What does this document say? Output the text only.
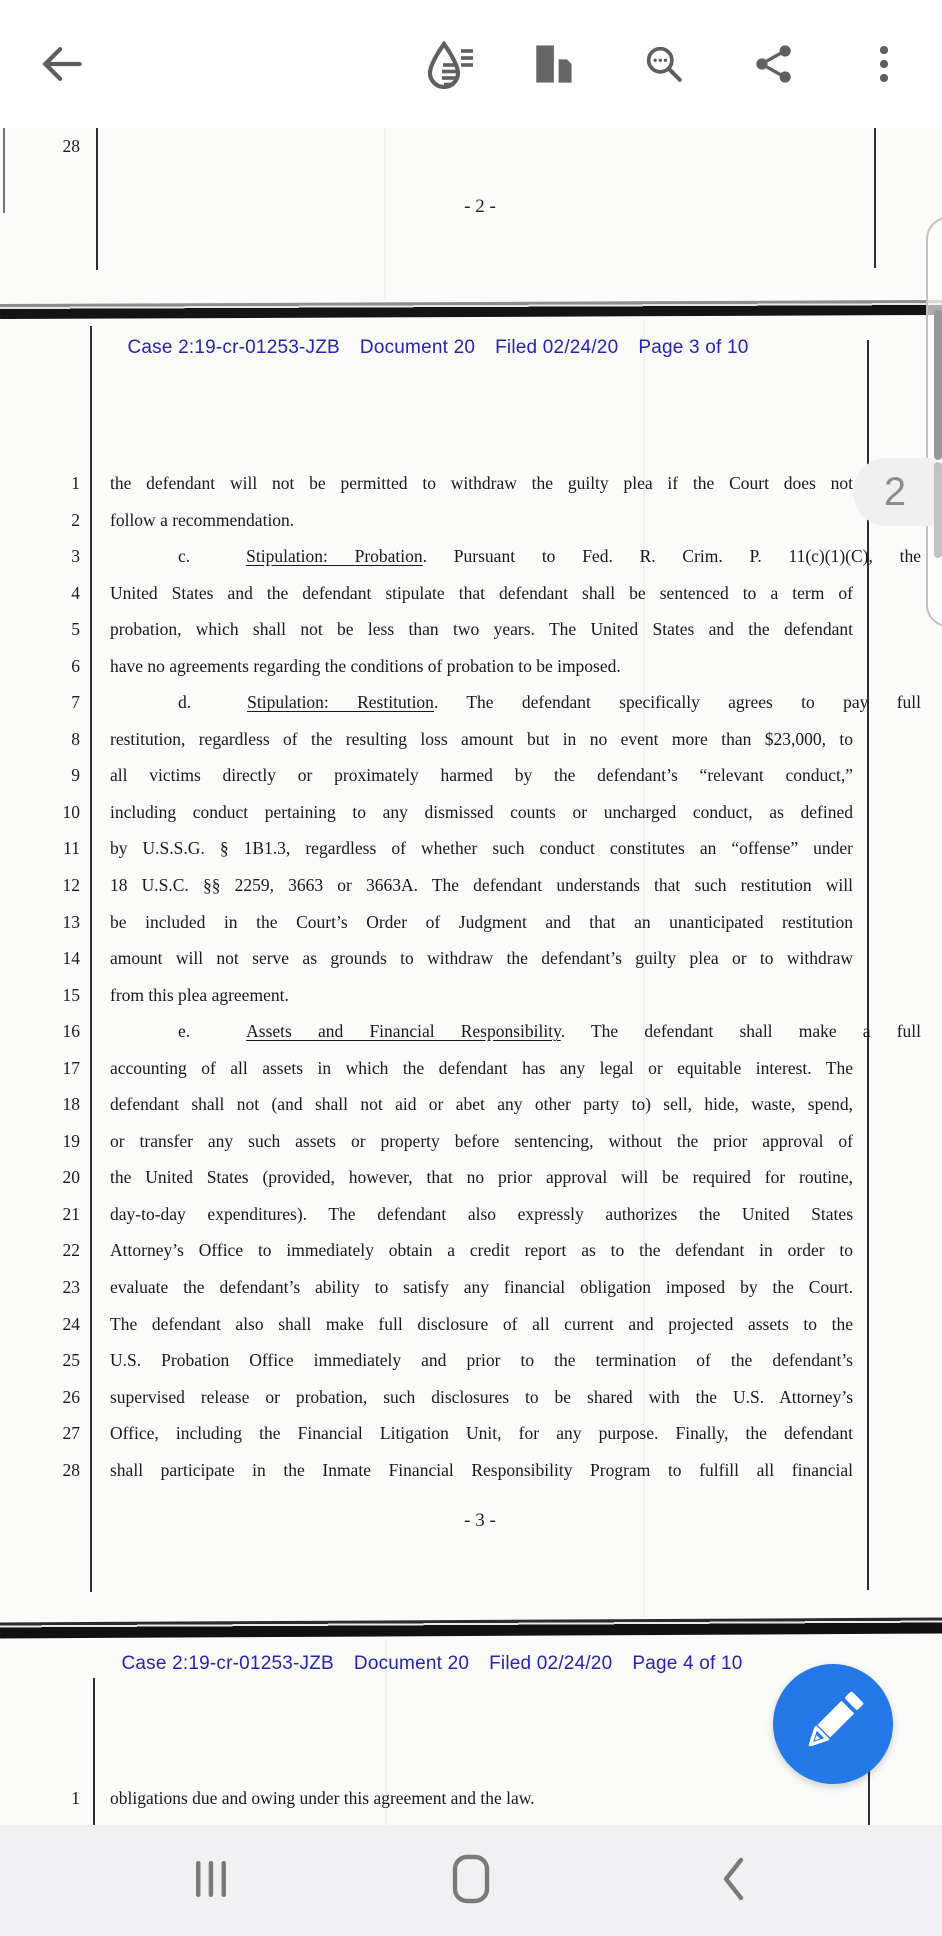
28
- 2 -
Case 2:19-cr-01253-JZB Document 20 Filed 02/24/20 Page 3 of 10
1 the defendant will not be permitted to withdraw the guilty plea if the Court does not
2 follow a recommendation.
3	c.	Stipulation: Probation. Pursuant to Fed. R. Crim. P. 11(c)(1)(C), the
4 United States and the defendant stipulate that defendant shall be sentenced to a term of
5 probation, which shall not be less than two years. The United States and the defendant
6 have no agreements regarding the conditions of probation to be imposed.
7	d.	Stipulation: Restitution. The defendant specifically agrees to pay full
8 restitution, regardless of the resulting loss amount but in no event more than $23,000, to
9 all victims directly or proximately harmed by the defendant’s “relevant conduct,”
10 including conduct pertaining to any dismissed counts or uncharged conduct, as defined
11 by U.S.S.G. § 1B1.3, regardless of whether such conduct constitutes an “offense” under
12 18 U.S.C. §§ 2259, 3663 or 3663A. The defendant understands that such restitution will
13 be included in the Court’s Order of Judgment and that an unanticipated restitution
14 amount will not serve as grounds to withdraw the defendant’s guilty plea or to withdraw
15 from this plea agreement.
16	e.	Assets and Financial Responsibility. The defendant shall make a full
17 accounting of all assets in which the defendant has any legal or equitable interest. The
18 defendant shall not (and shall not aid or abet any other party to) sell, hide, waste, spend,
19 or transfer any such assets or property before sentencing, without the prior approval of
20 the United States (provided, however, that no prior approval will be required for routine,
21 day-to-day expenditures). The defendant also expressly authorizes the United States
22 Attorney’s Office to immediately obtain a credit report as to the defendant in order to
23 evaluate the defendant’s ability to satisfy any financial obligation imposed by the Court.
24 The defendant also shall make full disclosure of all current and projected assets to the
25 U.S. Probation Office immediately and prior to the termination of the defendant’s
26 supervised release or probation, such disclosures to be shared with the U.S. Attorney’s
27 Office, including the Financial Litigation Unit, for any purpose. Finally, the defendant
28 shall participate in the Inmate Financial Responsibility Program to fulfill all financial
- 3 -
Case 2:19-cr-01253-JZB Document 20 Filed 02/24/20 Page 4 of 10
1 obligations due and owing under this agreement and the law.
2
